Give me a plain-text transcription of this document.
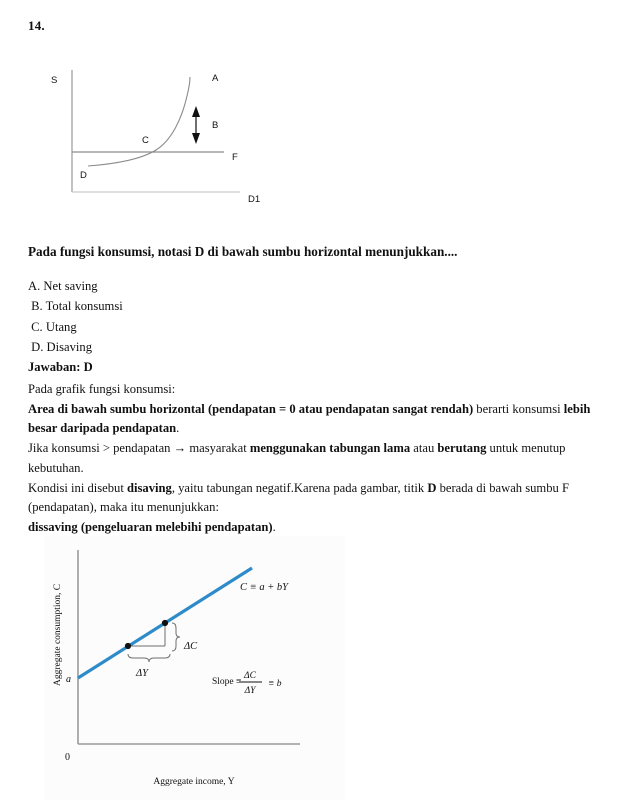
14.
S	A
B
C
D
F
D1
Pada fungsi konsumsi, notasi D di bawah sumbu horizontal menunjukkan....
A. Net saving
B. Total konsumsi
C. Utang
D. Disaving

Jawaban: D

Pada grafik fungsi konsumsi:

Area di bawah sumbu horizontal (pendapatan = 0 atau pendapatan sangat rendah) berarti konsumsi lebih besar daripada pendapatan.

Jika konsumsi > pendapatan → masyarakat menggunakan tabungan lama atau berutang untuk menutup kebutuhan.

Kondisi ini disebut disaving, yaitu tabungan negatif.Karena pada gambar, titik D berada di bawah sumbu F (pendapatan), maka itu menunjukkan:

dissaving (pengeluaran melebihi pendapatan).

ΔC
ΔY
C ≡ a + bY
Slope ≡
ΔC
ΔY
≡ b
a
0
Aggregate consumption, C
Aggregate income, Y
